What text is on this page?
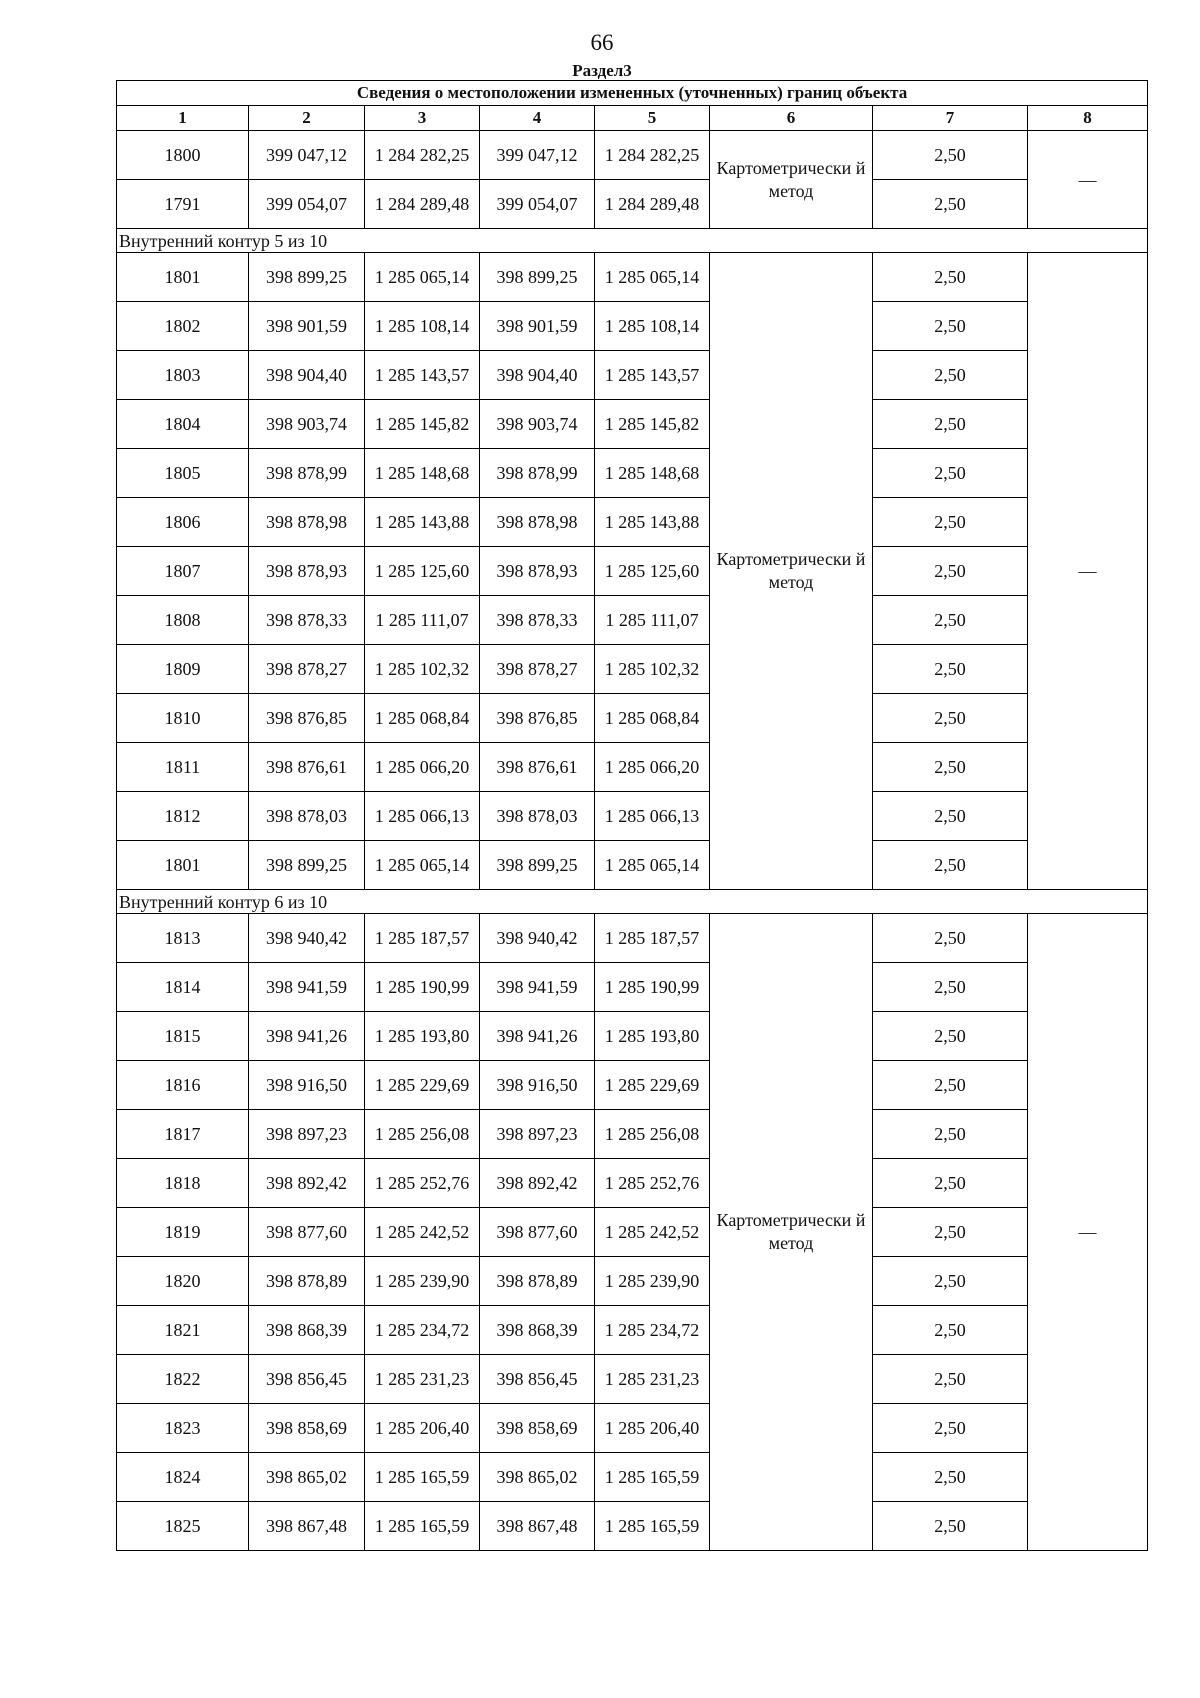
66
Раздел3
Сведения о местоположении измененных (уточненных) границ объекта							
1	2	3	4	5	6	7	8
1800	399 047,12	1 284 282,25	399 047,12	1 284 282,25	Картометрически й метод	2,50	—
1791	399 054,07	1 284 289,48	399 054,07	1 284 289,48		2,50	
Внутренний контур 5 из 10							
1801	398 899,25	1 285 065,14	398 899,25	1 285 065,14	Картометрически й метод	2,50	—
1802	398 901,59	1 285 108,14	398 901,59	1 285 108,14		2,50	
1803	398 904,40	1 285 143,57	398 904,40	1 285 143,57		2,50	
1804	398 903,74	1 285 145,82	398 903,74	1 285 145,82		2,50	
1805	398 878,99	1 285 148,68	398 878,99	1 285 148,68		2,50	
1806	398 878,98	1 285 143,88	398 878,98	1 285 143,88		2,50	
1807	398 878,93	1 285 125,60	398 878,93	1 285 125,60		2,50	
1808	398 878,33	1 285 111,07	398 878,33	1 285 111,07		2,50	
1809	398 878,27	1 285 102,32	398 878,27	1 285 102,32		2,50	
1810	398 876,85	1 285 068,84	398 876,85	1 285 068,84		2,50	
1811	398 876,61	1 285 066,20	398 876,61	1 285 066,20		2,50	
1812	398 878,03	1 285 066,13	398 878,03	1 285 066,13		2,50	
1801	398 899,25	1 285 065,14	398 899,25	1 285 065,14		2,50	
Внутренний контур 6 из 10							
1813	398 940,42	1 285 187,57	398 940,42	1 285 187,57	Картометрически й метод	2,50	—
1814	398 941,59	1 285 190,99	398 941,59	1 285 190,99		2,50	
1815	398 941,26	1 285 193,80	398 941,26	1 285 193,80		2,50	
1816	398 916,50	1 285 229,69	398 916,50	1 285 229,69		2,50	
1817	398 897,23	1 285 256,08	398 897,23	1 285 256,08		2,50	
1818	398 892,42	1 285 252,76	398 892,42	1 285 252,76		2,50	
1819	398 877,60	1 285 242,52	398 877,60	1 285 242,52		2,50	
1820	398 878,89	1 285 239,90	398 878,89	1 285 239,90		2,50	
1821	398 868,39	1 285 234,72	398 868,39	1 285 234,72		2,50	
1822	398 856,45	1 285 231,23	398 856,45	1 285 231,23		2,50	
1823	398 858,69	1 285 206,40	398 858,69	1 285 206,40		2,50	
1824	398 865,02	1 285 165,59	398 865,02	1 285 165,59		2,50	
1825	398 867,48	1 285 165,59	398 867,48	1 285 165,59		2,50	
